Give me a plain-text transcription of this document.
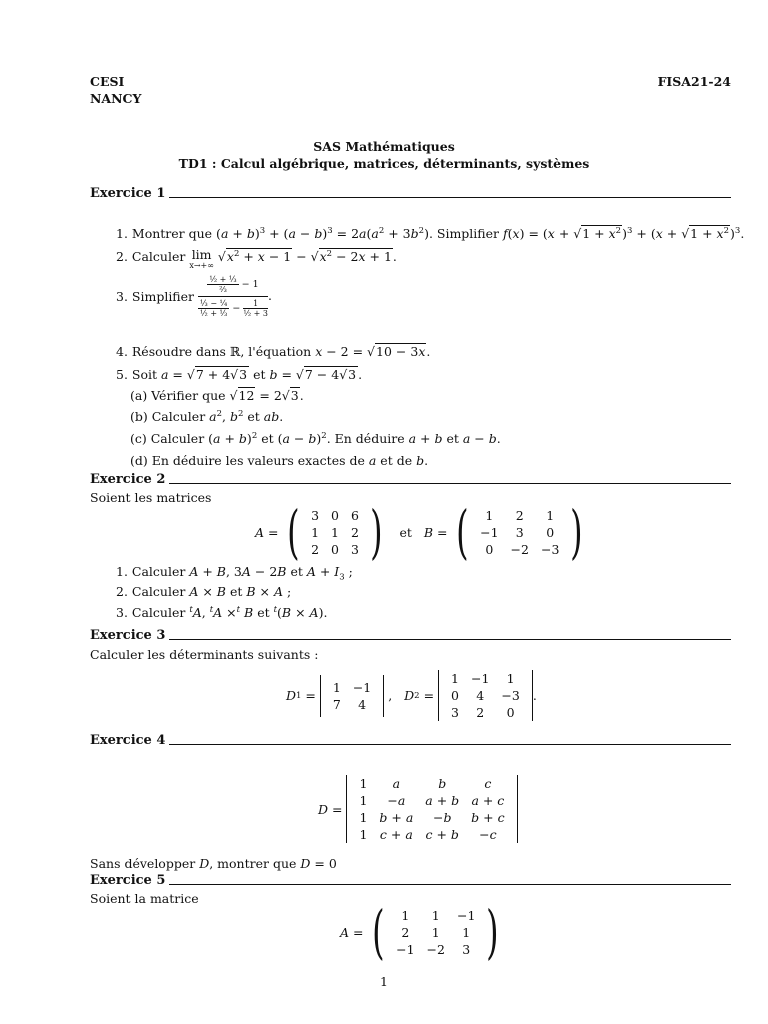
CESI
NANCY
FISA21-24
SAS Mathématiques
TD1 : Calcul algébrique, matrices, déterminants, systèmes
Exercice 1
1. Montrer que $(a + b)^3 + (a - b)^3 = 2a(a^2 + 3b^2)$. Simplifier $f(x) = (x + √1 + x^2)^3 + (x + √1 + x^2)^3$.
2. Calculer lim
x→+∞
$√x^2 + x - 1 - √x^2 - 2x + 1$.
3. Simplifier $\frac{\frac{\text{½ + ⅓}}{\text{⅔}} - 1}{\frac{\text{⅓ − ¼}}{\text{½ + ⅓}} - \frac{1}{\text{½ + 3}}}$ .
4. Résoudre dans ℝ, l'équation x − 2 = √10 − 3x.
5. Soit a = √7 + 4√3 et b = √7 − 4√3 .
(a) Vérifier que √12 = 2√3.
(b) Calculer $a^2$, $b^2$ et ab.
(c) Calculer $(a + b)^2$ et $(a - b)^2$. En déduire a + b et a − b.
(d) En déduire les valeurs exactes de a et de b.
Exercice 2
Soient les matrices
A = ( 3	0	6
1	1	2
2	0	3 )
et
B = ( 1	2	1
−1	3	0
0	−2	−3 )
1. Calculer A + B, 3A − 2B et $A + I_3$ ;
2. Calculer A × B et B × A ;
3. Calculer $^t$A, $^t$A ×$^t$ B et $^t$(B × A).
Exercice 3
Calculer les déterminants suivants :
D 1 =
1	−1
7	4
, D 2 =
1	−1	1
0	4	−3
3	2	0
.
Exercice 4
D =
1	a	b	c
1	−a	a + b	a + c
1	b + a	−b	b + c
1	c + a	c + b	−c
Sans développer D, montrer que D = 0
Exercice 5
Soient la matrice
A = ( 1	1	−1
2	1	1
−1	−2	3 )
1
